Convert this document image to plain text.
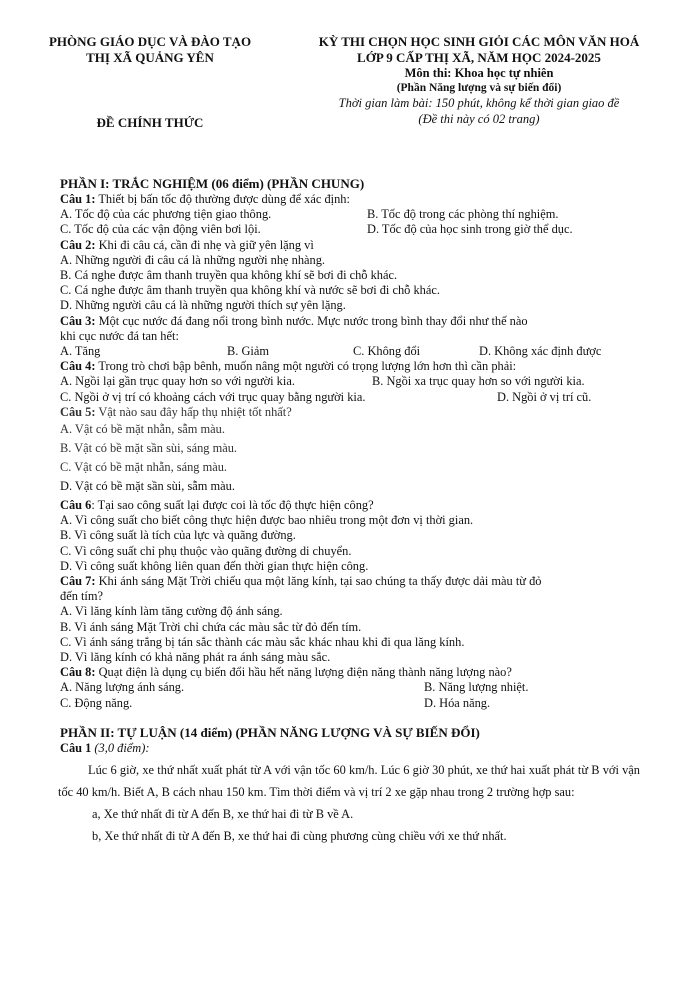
PHÒNG GIÁO DỤC VÀ ĐÀO TẠO
THỊ XÃ QUẢNG YÊN
KỲ THI CHỌN HỌC SINH GIỎI CÁC MÔN VĂN HOÁ
LỚP 9 CẤP THỊ XÃ, NĂM HỌC 2024-2025
Môn thi: Khoa học tự nhiên
(Phần Năng lượng và sự biến đổi)
Thời gian làm bài: 150 phút, không kể thời gian giao đề
(Đề thi này có 02 trang)
ĐỀ CHÍNH THỨC
PHẦN I: TRẮC NGHIỆM (06 điểm) (PHẦN CHUNG)
Câu 1: Thiết bị bấn tốc độ thường được dùng để xác định:
A. Tốc độ của các phương tiện giao thông.	B. Tốc độ trong các phòng thí nghiệm.
C. Tốc độ của các vận động viên bơi lội.	D. Tốc độ của học sinh trong giờ thể dục.
Câu 2: Khi đi câu cá, cần đi nhẹ và giữ yên lặng vì
A. Những người đi câu cá là những người nhẹ nhàng.
B. Cá nghe được âm thanh truyền qua không khí sẽ bơi đi chỗ khác.
C. Cá nghe được âm thanh truyền qua không khí và nước sẽ bơi đi chỗ khác.
D. Những người câu cá là những người thích sự yên lặng.
Câu 3: Một cục nước đá đang nổi trong bình nước. Mực nước trong bình thay đổi như thế nào
khi cục nước đá tan hết:
A. Tăng	B. Giảm	C. Không đổi	D. Không xác định được
Câu 4: Trong trò chơi bập bênh, muốn nâng một người có trọng lượng lớn hơn thì cần phải:
A. Ngồi lại gần trục quay hơn so với người kia.	B. Ngồi xa trục quay hơn so với người kia.
C. Ngồi ở vị trí có khoảng cách với trục quay bằng người kia.	D. Ngồi ở vị trí cũ.
Câu 5: Vật nào sau đây hấp thụ nhiệt tốt nhất?
A. Vật có bề mặt nhẵn, sẫm màu.
B. Vật có bề mặt sần sùi, sáng màu.
C. Vật có bề mặt nhẵn, sáng màu.
D. Vật có bề mặt sần sùi, sẫm màu.
Câu 6: Tại sao công suất lại được coi là tốc độ thực hiện công?
A. Vì công suất cho biết công thực hiện được bao nhiêu trong một đơn vị thời gian.
B. Vì công suất là tích của lực và quãng đường.
C. Vì công suất chỉ phụ thuộc vào quãng đường di chuyển.
D. Vì công suất không liên quan đến thời gian thực hiện công.
Câu 7: Khi ánh sáng Mặt Trời chiếu qua một lăng kính, tại sao chúng ta thấy được dải màu từ đỏ
đến tím?
A. Vì lăng kính làm tăng cường độ ánh sáng.
B. Vì ánh sáng Mặt Trời chỉ chứa các màu sắc từ đỏ đến tím.
C. Vì ánh sáng trắng bị tán sắc thành các màu sắc khác nhau khi đi qua lăng kính.
D. Vì lăng kính có khả năng phát ra ánh sáng màu sắc.
Câu 8: Quạt điện là dụng cụ biến đổi hầu hết năng lượng điện năng thành năng lượng nào?
A. Năng lượng ánh sáng.	B. Năng lượng nhiệt.
C. Động năng.	D. Hóa năng.
PHẦN II: TỰ LUẬN (14 điểm) (PHẦN NĂNG LƯỢNG VÀ SỰ BIẾN ĐỔI)
Câu 1 (3,0 điểm):
Lúc 6 giờ, xe thứ nhất xuất phát từ A với vận tốc 60 km/h. Lúc 6 giờ 30 phút, xe thứ hai xuất phát từ B với vận tốc 40 km/h. Biết A, B cách nhau 150 km. Tìm thời điểm và vị trí 2 xe gặp nhau trong 2 trường hợp sau:
a, Xe thứ nhất đi từ A đến B, xe thứ hai đi từ B về A.
b, Xe thứ nhất đi từ A đến B, xe thứ hai đi cùng phương cùng chiều với xe thứ nhất.
